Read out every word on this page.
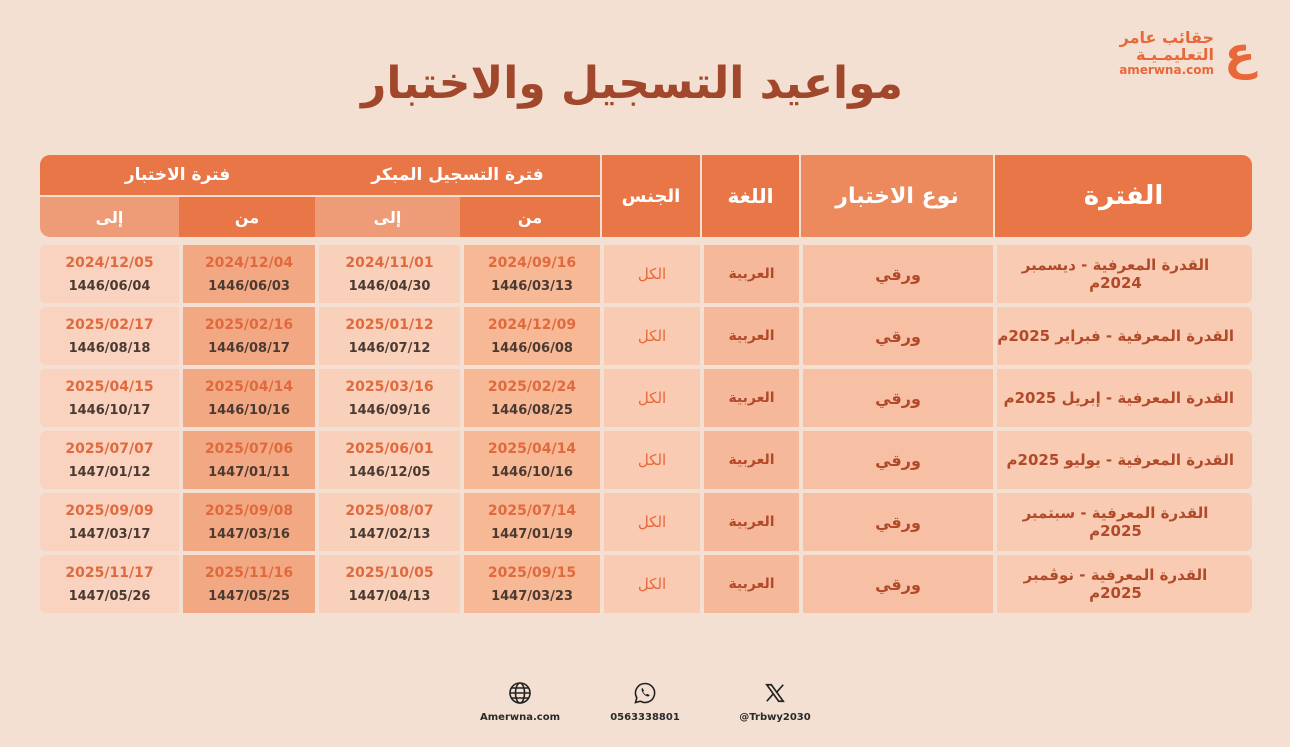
ع
حقائب عامر
التعليمـيـة
amerwna.com
مواعيد التسجيل والاختبار
الفترة
نوع الاختبار
اللغة
الجنس
فترة التسجيل المبكر
فترة الاختبار
من
إلى
من
إلى
القدرة المعرفية - ديسمبر 2024م
ورقي
العربية
الكل
2024/09/16
1446/03/13
2024/11/01
1446/04/30
2024/12/04
1446/06/03
2024/12/05
1446/06/04
القدرة المعرفية - فبراير 2025م
ورقي
العربية
الكل
2024/12/09
1446/06/08
2025/01/12
1446/07/12
2025/02/16
1446/08/17
2025/02/17
1446/08/18
القدرة المعرفية - إبريل 2025م
ورقي
العربية
الكل
2025/02/24
1446/08/25
2025/03/16
1446/09/16
2025/04/14
1446/10/16
2025/04/15
1446/10/17
القدرة المعرفية - يوليو 2025م
ورقي
العربية
الكل
2025/04/14
1446/10/16
2025/06/01
1446/12/05
2025/07/06
1447/01/11
2025/07/07
1447/01/12
القدرة المعرفية - سبتمبر 2025م
ورقي
العربية
الكل
2025/07/14
1447/01/19
2025/08/07
1447/02/13
2025/09/08
1447/03/16
2025/09/09
1447/03/17
القدرة المعرفية - نوڤمبر 2025م
ورقي
العربية
الكل
2025/09/15
1447/03/23
2025/10/05
1447/04/13
2025/11/16
1447/05/25
2025/11/17
1447/05/26
Amerwna.com	0563338801	@Trbwy2030
